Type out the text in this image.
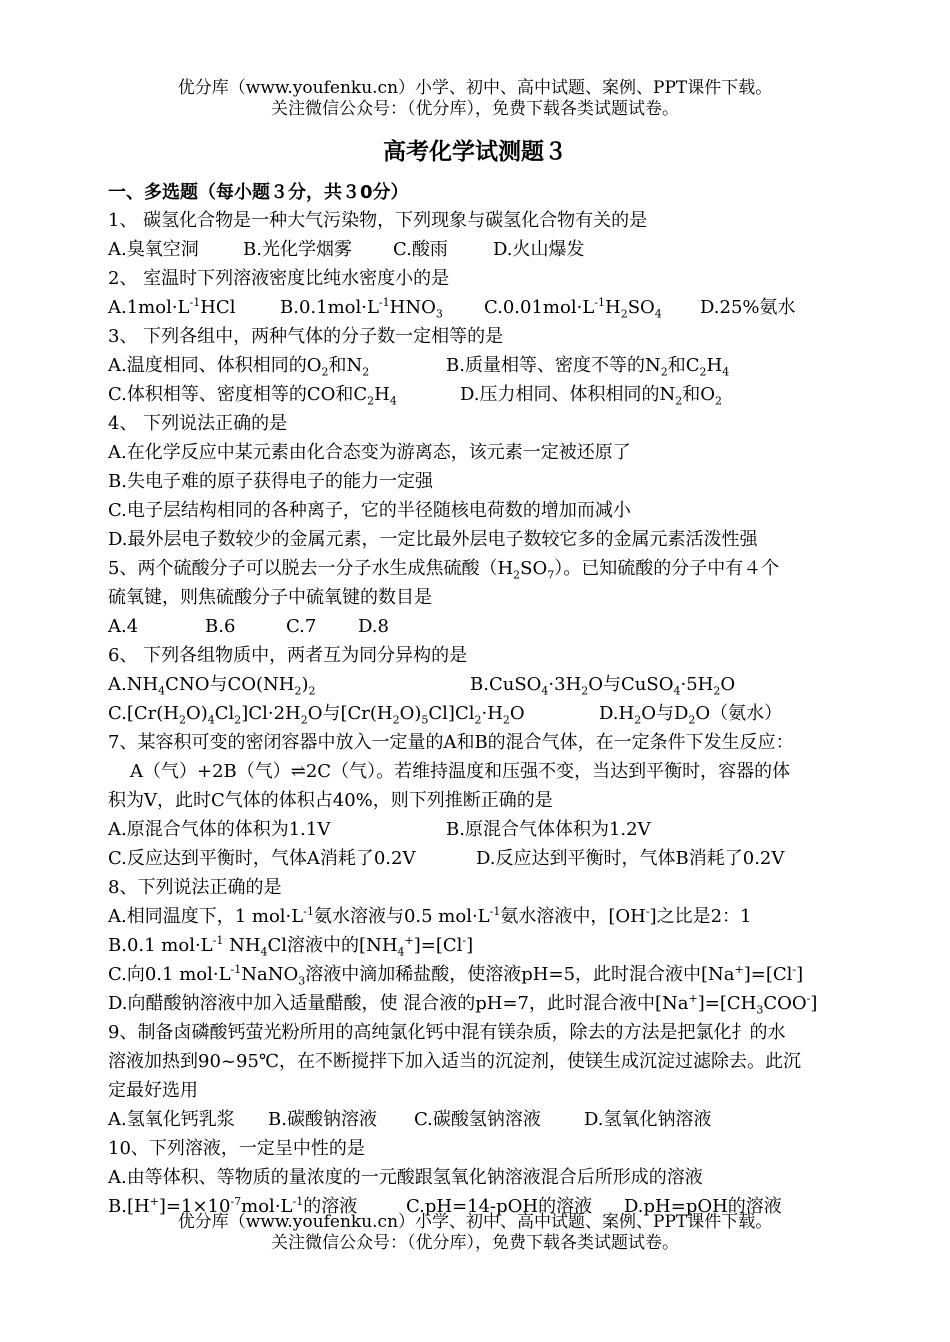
优分库（www.youfenku.cn）小学、初中、高中试题、案例、PPT课件下载。
关注微信公众号：（优分库），免费下载各类试题试卷。
高考化学试测题３
一、多选题（每小题３分，共３0分）
1、 碳氢化合物是一种大气污染物，下列现象与碳氢化合物有关的是
A.臭氧空洞 B.光化学烟雾 C.酸雨	D.火山爆发
2、 室温时下列溶液密度比纯水密度小的是
$A.1mol\cdot L^{-1}HCl$ $B.0.1mol\cdot L^{-1}HNO_3$ $C.0.01mol\cdot L^{-1}H_2SO_4$ D.25%氨水
3、 下列各组中，两种气体的分子数一定相等的是
A.温度相同、体积相同的$O_2$和$N_2$	B.质量相等、密度不等的$N_2$和$C_2H_4$
C.体积相等、密度相等的CO和$C_2H_4$	D.压力相同、体积相同的$N_2$和$O_2$
4、 下列说法正确的是
A.在化学反应中某元素由化合态变为游离态，该元素一定被还原了
B.失电子难的原子获得电子的能力一定强
C.电子层结构相同的各种离子，它的半径随核电荷数的增加而减小
D.最外层电子数较少的金属元素，一定比最外层电子数较它多的金属元素活泼性强
5、两个硫酸分子可以脱去一分子水生成焦硫酸$(H_2SO_7)$。已知硫酸的分子中有４个
硫氧键，则焦硫酸分子中硫氧键的数目是
A.4	B.6	C.7 D.8
6、 下列各组物质中，两者互为同分异构的是
$A.NH_4CNO$与$CO(NH_2)_2$	$B.CuSO_4\cdot 3H_2O$与$CuSO_4\cdot 5H_2O$
$C.[Cr(H_2O)_4Cl_2]Cl\cdot 2H_2O$与$[Cr(H_2O)_5Cl]Cl_2\cdot H_2O$	$D.H_2O$与$D_2O$（氨水）
7、某容积可变的密闭容器中放入一定量的A和B的混合气体，在一定条件下发生反应：
A（气）+2B（气）⇌2C（气）。若维持温度和压强不变，当达到平衡时，容器的体
积为V，此时C气体的体积占40%，则下列推断正确的是
A.原混合气体的体积为1.1V	B.原混合气体体积为1.2V
C.反应达到平衡时，气体A消耗了0.2V	D.反应达到平衡时，气体B消耗了0.2V
8、下列说法正确的是
A.相同温度下，1 $mol\cdot L^{-1}$氨水溶液与0.5 $mol\cdot L^{-1}$氨水溶液中，[OH-]之比是2：1
B.0.1 $mol\cdot L^{-1}$ $NH_4Cl$溶液中的$[NH_4^+]=[Cl^-]$
C.向0.1 $mol\cdot L^{-1}NaNO_3$溶液中滴加稀盐酸，使溶液pH=5，此时混合液中[Na+]=[Cl-]
D.向醋酸钠溶液中加入适量醋酸，使 混合液的pH=7，此时混合液中$[Na^+]=[CH_3COO^-]$
9、制备卤磷酸钙萤光粉所用的高纯氯化钙中混有镁杂质，除去的方法是把氯化扌的水
溶液加热到90~95℃，在不断搅拌下加入适当的沉淀剂，使镁生成沉淀过滤除去。此沉
定最好选用
A.氢氧化钙乳浆 B.碳酸钠溶液 C.碳酸氢钠溶液 D.氢氧化钠溶液
10、下列溶液，一定呈中性的是
A.由等体积、等物质的量浓度的一元酸跟氢氧化钠溶液混合后所形成的溶液
$B.[H^+]=1\times 10^{-7}mol\cdot L^{-1}$的溶液	C.pH=14-pOH的溶液 D.pH=pOH的溶液
优分库（www.youfenku.cn）小学、初中、高中试题、案例、PPT课件下载。
关注微信公众号：（优分库），免费下载各类试题试卷。
